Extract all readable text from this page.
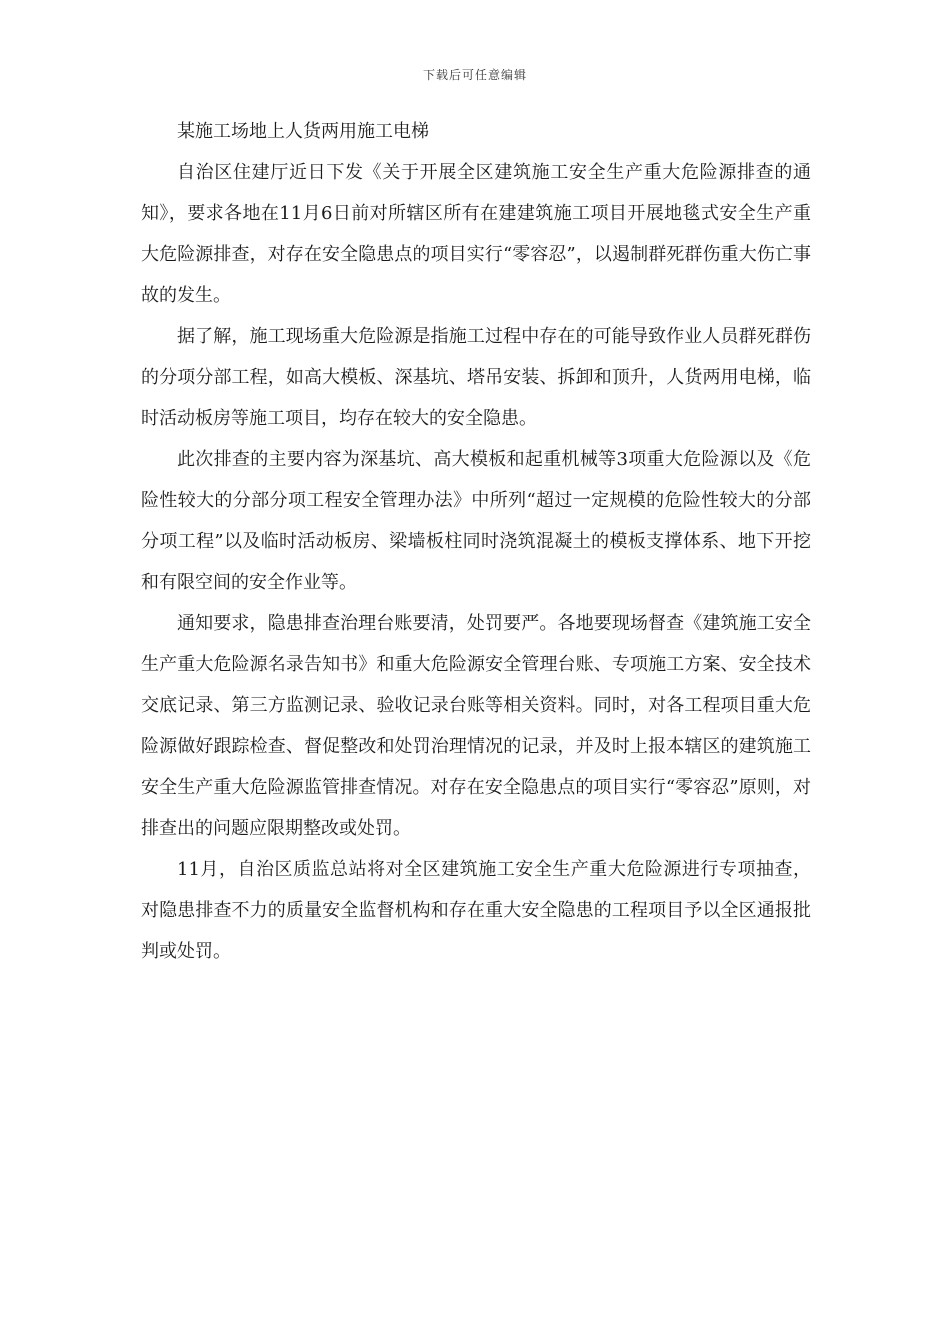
下载后可任意编辑

某施工场地上人货两用施工电梯

自治区住建厅近日下发《关于开展全区建筑施工安全生产重大危险源排查的通知》，要求各地在11月6日前对所辖区所有在建建筑施工项目开展地毯式安全生产重大危险源排查，对存在安全隐患点的项目实行“零容忍”，以遏制群死群伤重大伤亡事故的发生。

据了解，施工现场重大危险源是指施工过程中存在的可能导致作业人员群死群伤的分项分部工程，如高大模板、深基坑、塔吊安装、拆卸和顶升，人货两用电梯，临时活动板房等施工项目，均存在较大的安全隐患。

此次排查的主要内容为深基坑、高大模板和起重机械等3项重大危险源以及《危险性较大的分部分项工程安全管理办法》中所列“超过一定规模的危险性较大的分部分项工程”以及临时活动板房、梁墙板柱同时浇筑混凝土的模板支撑体系、地下开挖和有限空间的安全作业等。

通知要求，隐患排查治理台账要清，处罚要严。各地要现场督查《建筑施工安全生产重大危险源名录告知书》和重大危险源安全管理台账、专项施工方案、安全技术交底记录、第三方监测记录、验收记录台账等相关资料。同时，对各工程项目重大危险源做好跟踪检查、督促整改和处罚治理情况的记录，并及时上报本辖区的建筑施工安全生产重大危险源监管排查情况。对存在安全隐患点的项目实行“零容忍”原则，对排查出的问题应限期整改或处罚。

11月，自治区质监总站将对全区建筑施工安全生产重大危险源进行专项抽查，对隐患排查不力的质量安全监督机构和存在重大安全隐患的工程项目予以全区通报批判或处罚。
